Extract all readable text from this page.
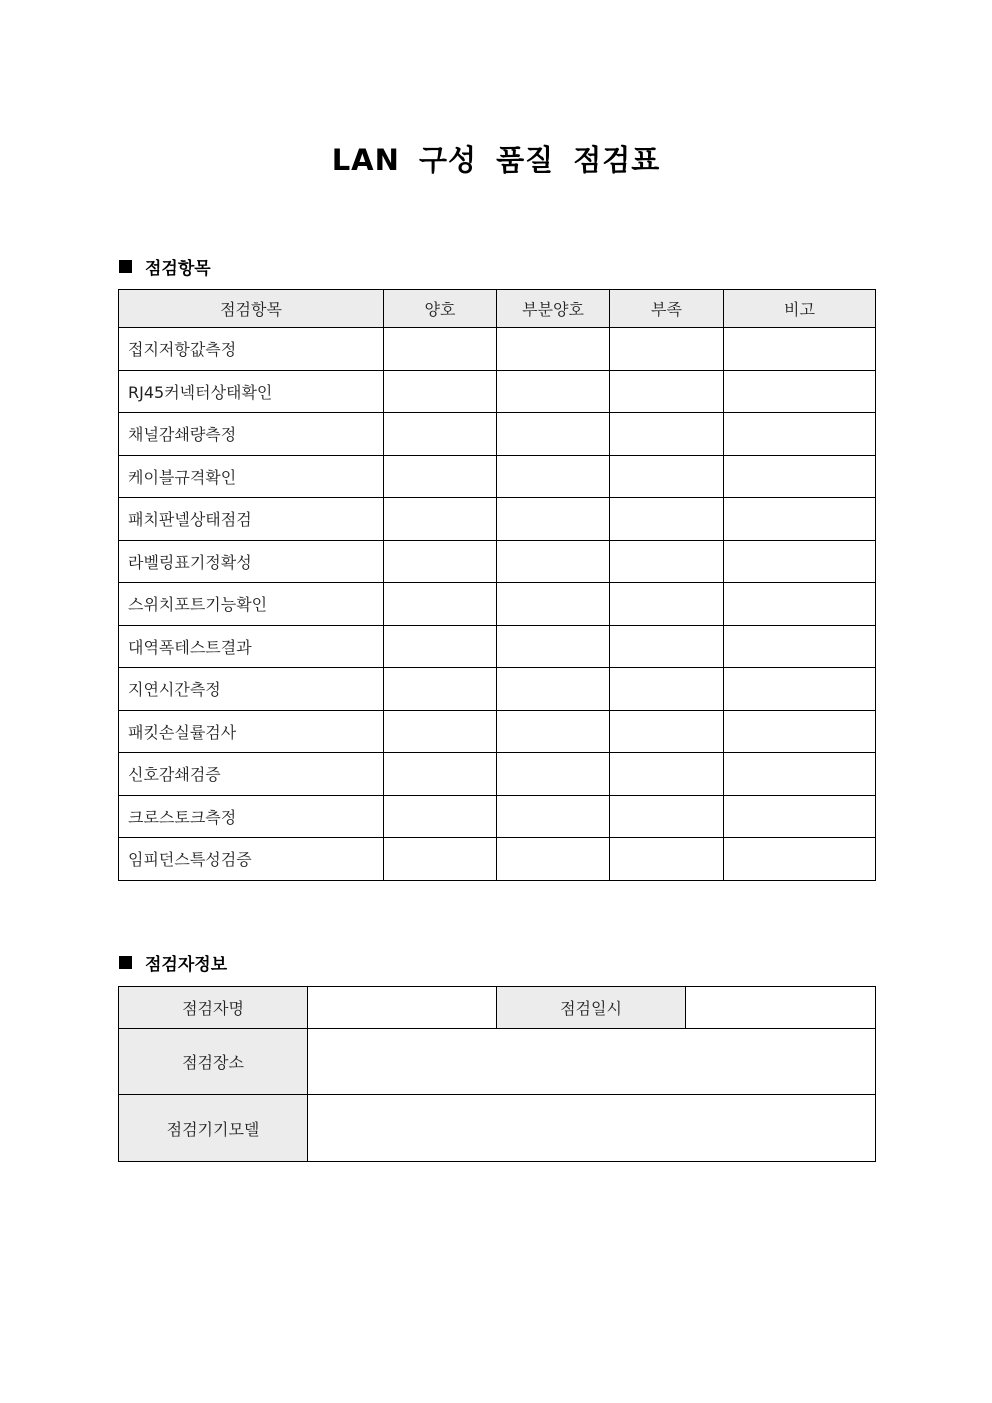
LAN 구성 품질 점검표
점검항목
점검항목	양호	부분양호	부족	비고
접지저항값측정				
RJ45커넥터상태확인				
채널감쇄량측정				
케이블규격확인				
패치판넬상태점검				
라벨링표기정확성				
스위치포트기능확인				
대역폭테스트결과				
지연시간측정				
패킷손실률검사				
신호감쇄검증				
크로스토크측정				
임피던스특성검증				
점검자정보
점검자명		점검일시	
점검장소			
점검기기모델			
